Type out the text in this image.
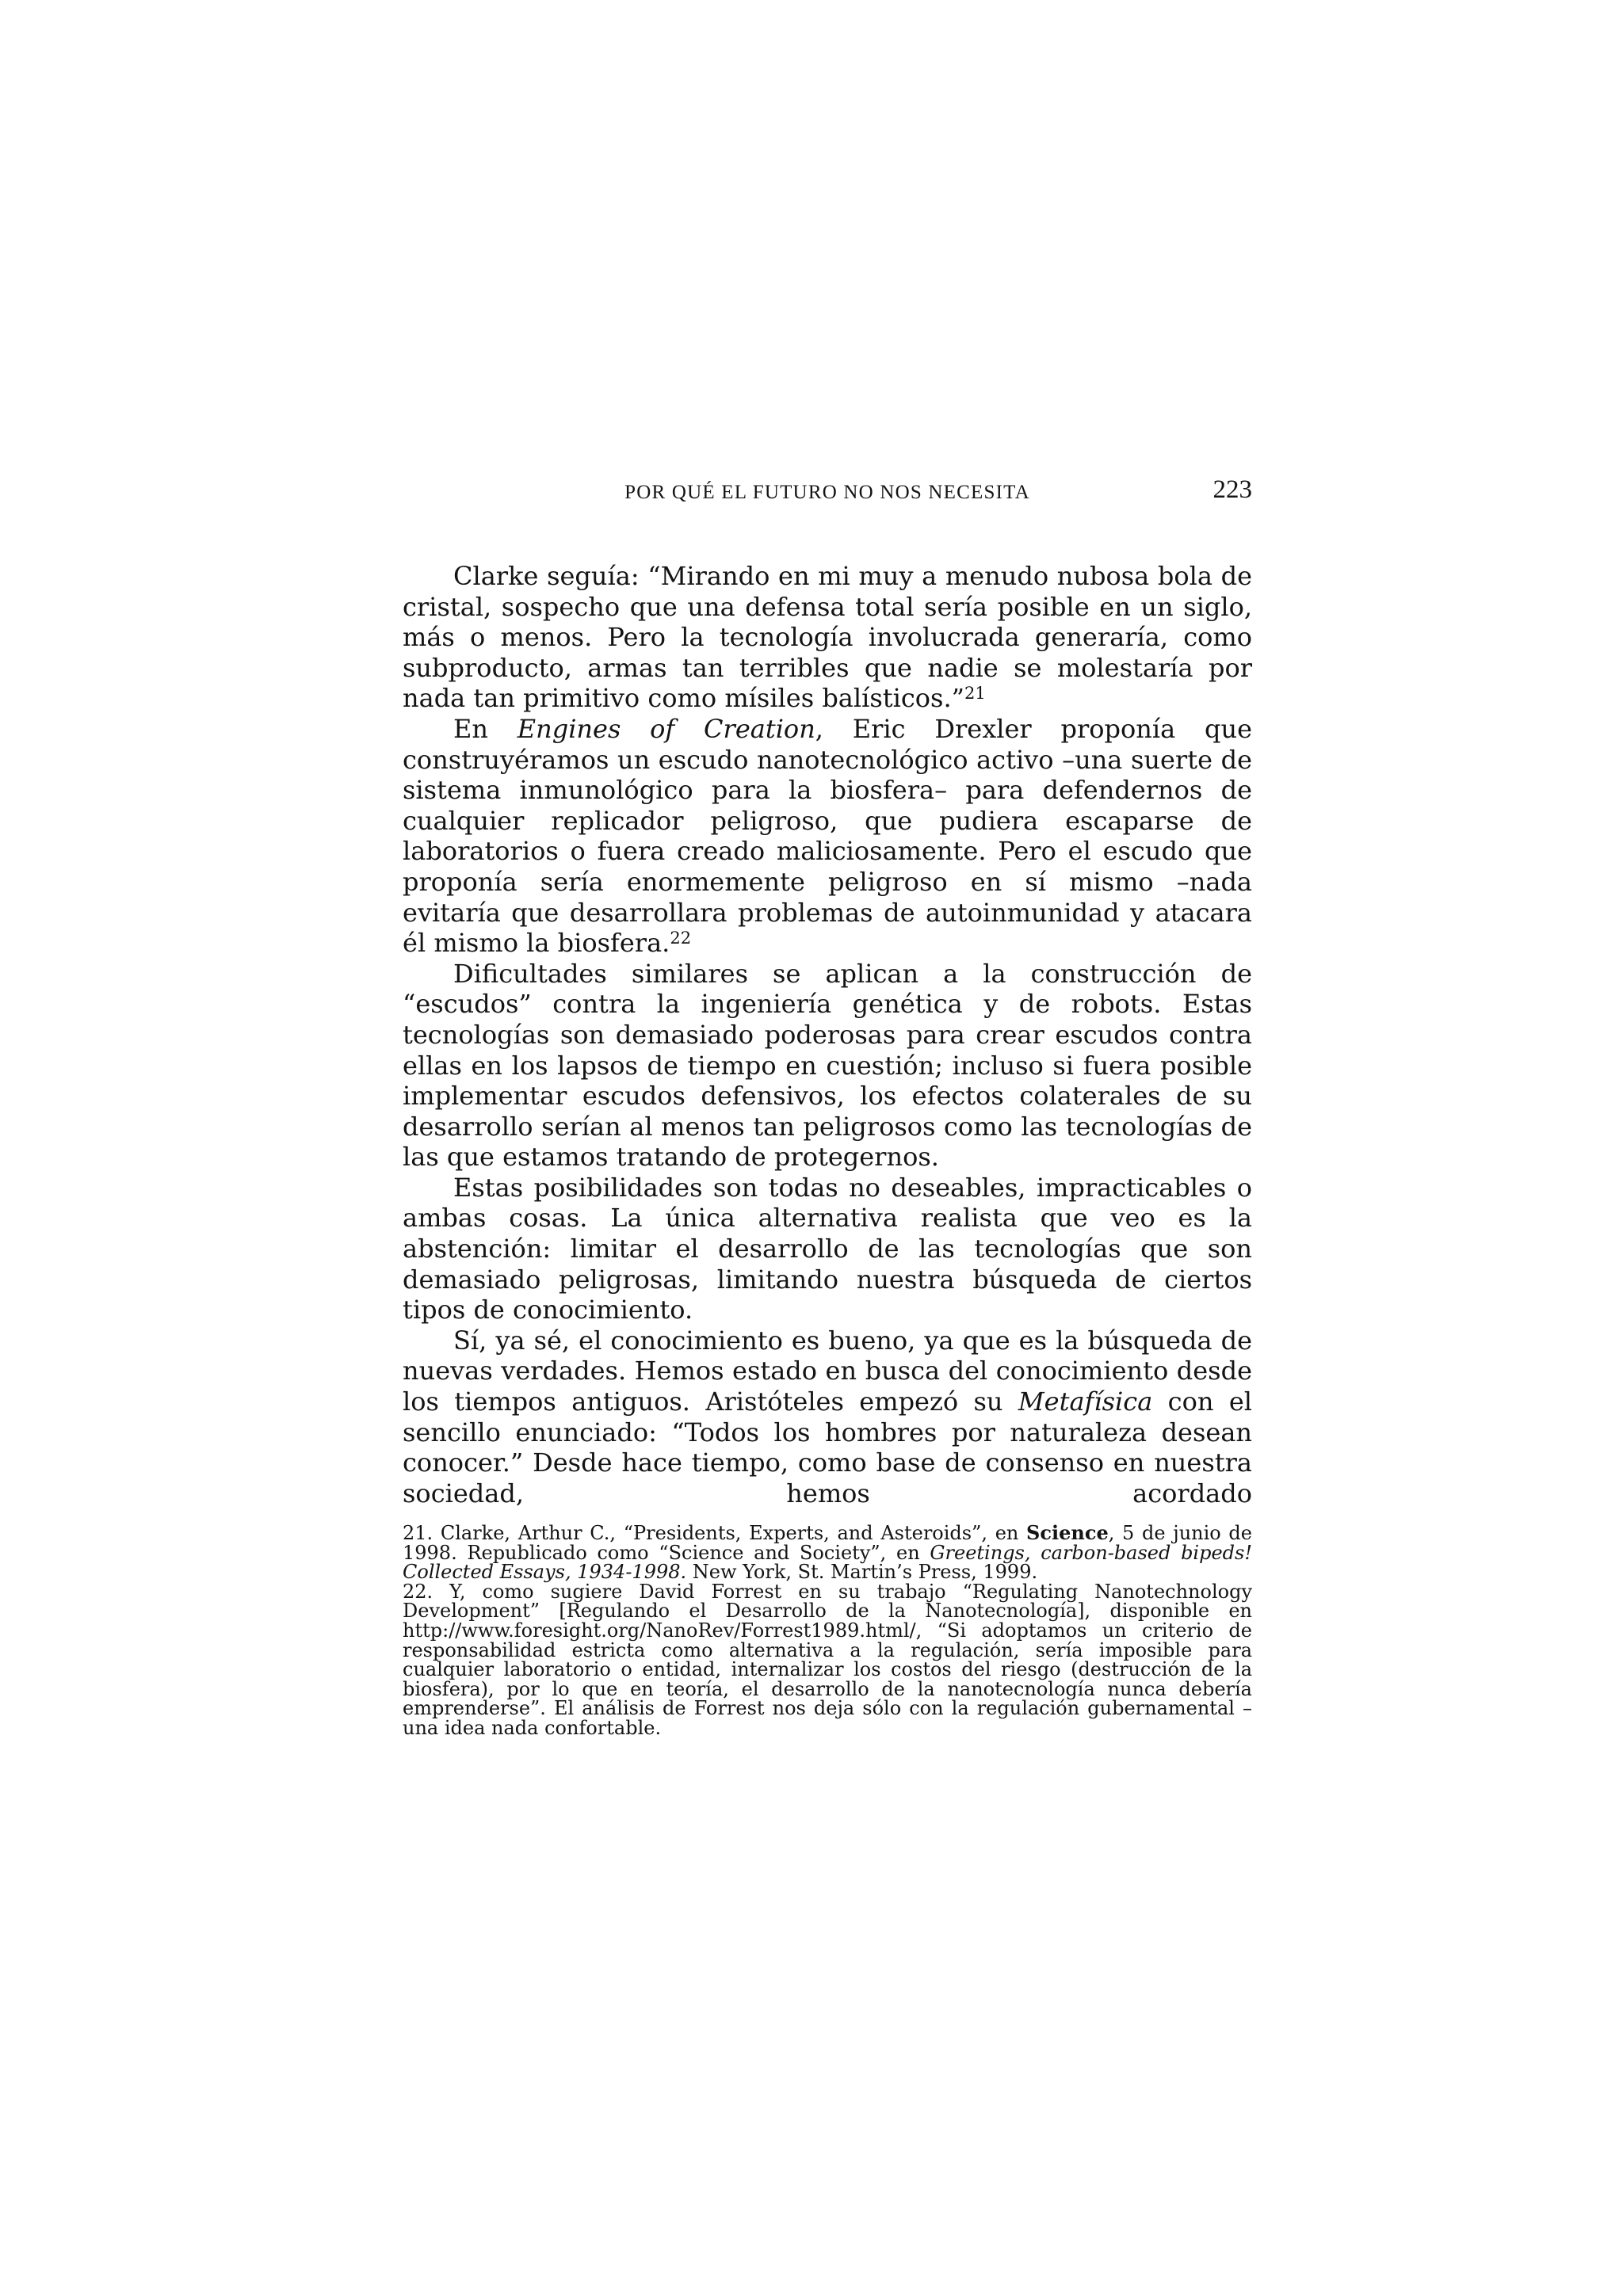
POR QUÉ EL FUTURO NO NOS NECESITA	223

Clarke seguía: “Mirando en mi muy a menudo nubosa bola de cristal, sospecho que una defensa total sería posible en un siglo, más o menos. Pero la tecnología involucrada generaría, como subproducto, armas tan terribles que nadie se molestaría por nada tan primitivo como mísiles balísticos.”$^{21}$

En Engines of Creation, Eric Drexler proponía que construyéramos un escudo nanotecnológico activo –una suerte de sistema inmunológico para la biosfera– para defendernos de cualquier replicador peligroso, que pudiera escaparse de laboratorios o fuera creado maliciosamente. Pero el escudo que proponía sería enormemente peligroso en sí mismo –nada evitaría que desarrollara problemas de autoinmunidad y atacara él mismo la biosfera.$^{22}$

Dificultades similares se aplican a la construcción de “escudos” contra la ingeniería genética y de robots. Estas tecnologías son demasiado poderosas para crear escudos contra ellas en los lapsos de tiempo en cuestión; incluso si fuera posible implementar escudos defensivos, los efectos colaterales de su desarrollo serían al menos tan peligrosos como las tecnologías de las que estamos tratando de protegernos.

Estas posibilidades son todas no deseables, impracticables o ambas cosas. La única alternativa realista que veo es la abstención: limitar el desarrollo de las tecnologías que son demasiado peligrosas, limitando nuestra búsqueda de ciertos tipos de conocimiento.

Sí, ya sé, el conocimiento es bueno, ya que es la búsqueda de nuevas verdades. Hemos estado en busca del conocimiento desde los tiempos antiguos. Aristóteles empezó su Metafísica con el sencillo enunciado: “Todos los hombres por naturaleza desean conocer.” Desde hace tiempo, como base de consenso en nuestra sociedad, hemos acordado

21. Clarke, Arthur C., “Presidents, Experts, and Asteroids”, en Science, 5 de junio de 1998. Republicado como “Science and Society”, en Greetings, carbon-based bipeds! Collected Essays, 1934-1998. New York, St. Martin’s Press, 1999.

22. Y, como sugiere David Forrest en su trabajo “Regulating Nanotechnology Development” [Regulando el Desarrollo de la Nanotecnología], disponible en http://www.foresight.org/NanoRev/Forrest1989.html/, “Si adoptamos un criterio de responsabilidad estricta como alternativa a la regulación, sería imposible para cualquier laboratorio o entidad, internalizar los costos del riesgo (destrucción de la biosfera), por lo que en teoría, el desarrollo de la nanotecnología nunca debería emprenderse”. El análisis de Forrest nos deja sólo con la regulación gubernamental –una idea nada confortable.
